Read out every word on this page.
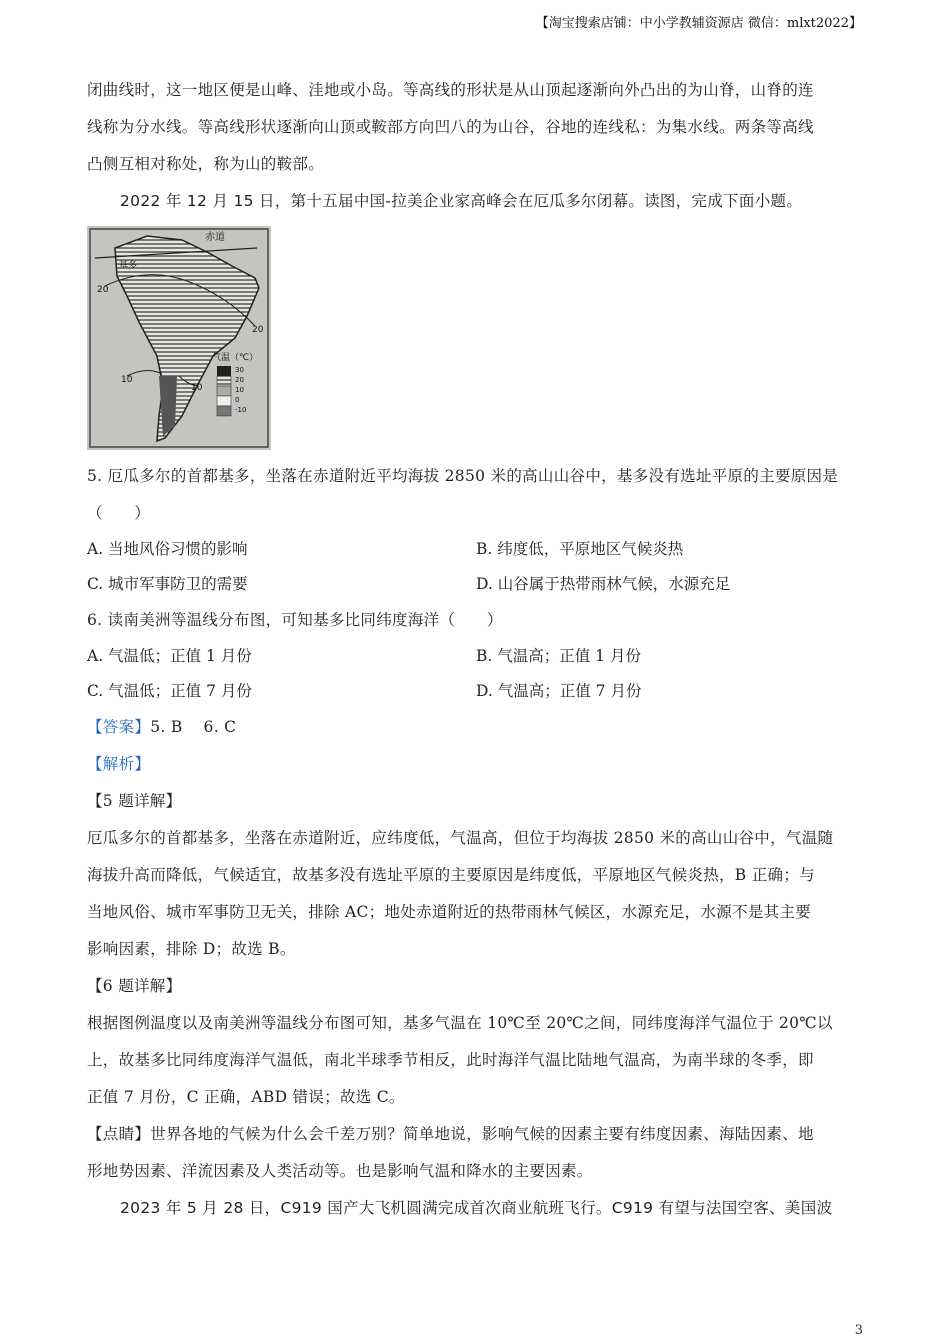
【淘宝搜索店铺：中小学教辅资源店 微信：mlxt2022】

闭曲线时，这一地区便是山峰、洼地或小岛。等高线的形状是从山顶起逐渐向外凸出的为山脊，山脊的连

线称为分水线。等高线形状逐渐向山顶或鞍部方向凹八的为山谷，谷地的连线私：为集水线。两条等高线

凸侧互相对称处，称为山的鞍部。

2022 年 12 月 15 日，第十五届中国-拉美企业家高峰会在厄瓜多尔闭幕。读图，完成下面小题。

赤道
基多
20
20
10
10
气温（℃）
30
20
10
0
-10

5. 厄瓜多尔的首都基多，坐落在赤道附近平均海拔 2850 米的高山山谷中，基多没有选址平原的主要原因是

（　　）

A. 当地风俗习惯的影响	B. 纬度低，平原地区气候炎热
C. 城市军事防卫的需要	D. 山谷属于热带雨林气候，水源充足

6. 读南美洲等温线分布图，可知基多比同纬度海洋（　　）

A. 气温低；正值 1 月份	B. 气温高；正值 1 月份
C. 气温低；正值 7 月份	D. 气温高；正值 7 月份

【答案】5. B　 6. C

【解析】

【5 题详解】

厄瓜多尔的首都基多，坐落在赤道附近，应纬度低，气温高，但位于均海拔 2850 米的高山山谷中，气温随

海拔升高而降低，气候适宜，故基多没有选址平原的主要原因是纬度低，平原地区气候炎热，B 正确；与

当地风俗、城市军事防卫无关，排除 AC；地处赤道附近的热带雨林气候区，水源充足，水源不是其主要

影响因素，排除 D；故选 B。

【6 题详解】

根据图例温度以及南美洲等温线分布图可知，基多气温在 10℃至 20℃之间，同纬度海洋气温位于 20℃以

上，故基多比同纬度海洋气温低，南北半球季节相反，此时海洋气温比陆地气温高，为南半球的冬季，即

正值 7 月份，C 正确，ABD 错误；故选 C。

【点睛】世界各地的气候为什么会千差万别？简单地说，影响气候的因素主要有纬度因素、海陆因素、地

形地势因素、洋流因素及人类活动等。也是影响气温和降水的主要因素。

2023 年 5 月 28 日，C919 国产大飞机圆满完成首次商业航班飞行。C919 有望与法国空客、美国波

3
